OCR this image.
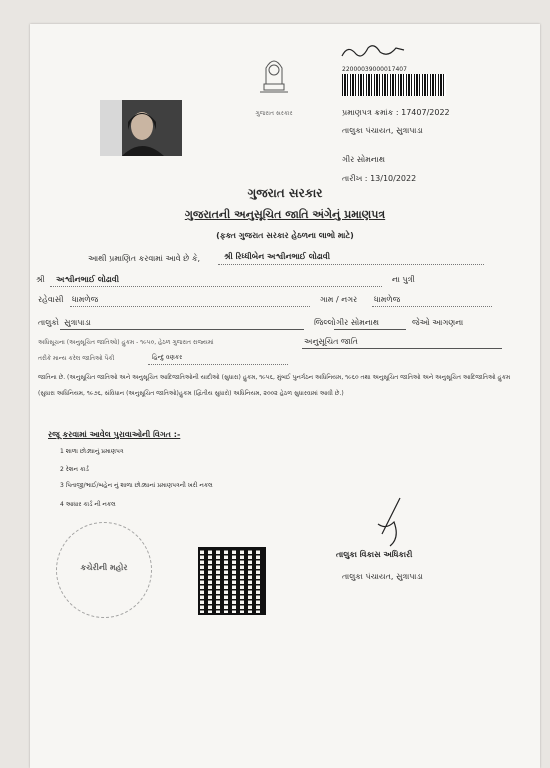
ગુજરાત સરકાર
22000039000017407
પ્રમાણપત્ર ક્રમાંક : 17407/2022
તાલુકા પંચાયત, સુત્રાપાડા
ગીર સોમનાથ
તારીખ : 13/10/2022
ગુજરાત સરકાર
ગુજરાતની અનુસૂચિત જાતિ અંગેનું પ્રમાણપત્ર
(ફક્ત ગુજરાત સરકાર હેઠળના લાભો માટે)
આથી પ્રમાણિત કરવામાં આવે છે કે,	શ્રી રિધ્ધીબેન અશ્વીનભાઈ લોઢાવી
શ્રી અશ્વીનભાઈ લોઢાવી	ના પુત્રી
રહેવાસી ધામળેજ	ગામ / નગર ધામળેજ
તાલુકો સુત્રાપાડા	જિલ્લો ગીર સોમનાથ	જેઓ આગણના
અધિસૂચના (અનુસૂચિત જાતિઓ) હુકમ - ૧૯૫૦, હેઠળ ગુજરાત રાજ્યમાં	અનુસૂચિત જાતિ
તરીકે માન્ય કરેલ જાતિઓ પૈકી	હિન્દુ વણકર
જાતિના છે. (અનુસૂચિત જાતિઓ અને અનુસૂચિત આદિજાતિઓની યાદીઓ (સુધારા) હુકમ, ૧૯૫૬, મુંબઈ પુનર્ગઠન અધિનિયમ, ૧૯૬૦ તથા અનુસૂચિત જાતિઓ અને અનુસૂચિત આદિજાતિઓ હુકમ (સુધારા અધિનિયમ, ૧૯૭૬, સંવિધાન (અનુસૂચિત જાતિઓ)હુકમ (દ્વિતીય સુધારો) અધિનિયમ, ૨૦૦૨ હેઠળ સુધારવામાં આવી છે.)
રજૂ કરવામાં આવેલ પુરાવાઓની વિગત :-
1 શાળા છોડ્યાનું પ્રમાણપત્ર
2 રેશન કાર્ડ
3 પિતાજી/ભાઈ/બહેન નું શાળા છોડ્યાનાં પ્રમાણપત્રની ખરી નકલ
4 આધાર કાર્ડ ની નકલ
કચેરીની મહોર
તાલુકા વિકાસ અધિકારી
તાલુકા પંચાયત, સુત્રાપાડા
